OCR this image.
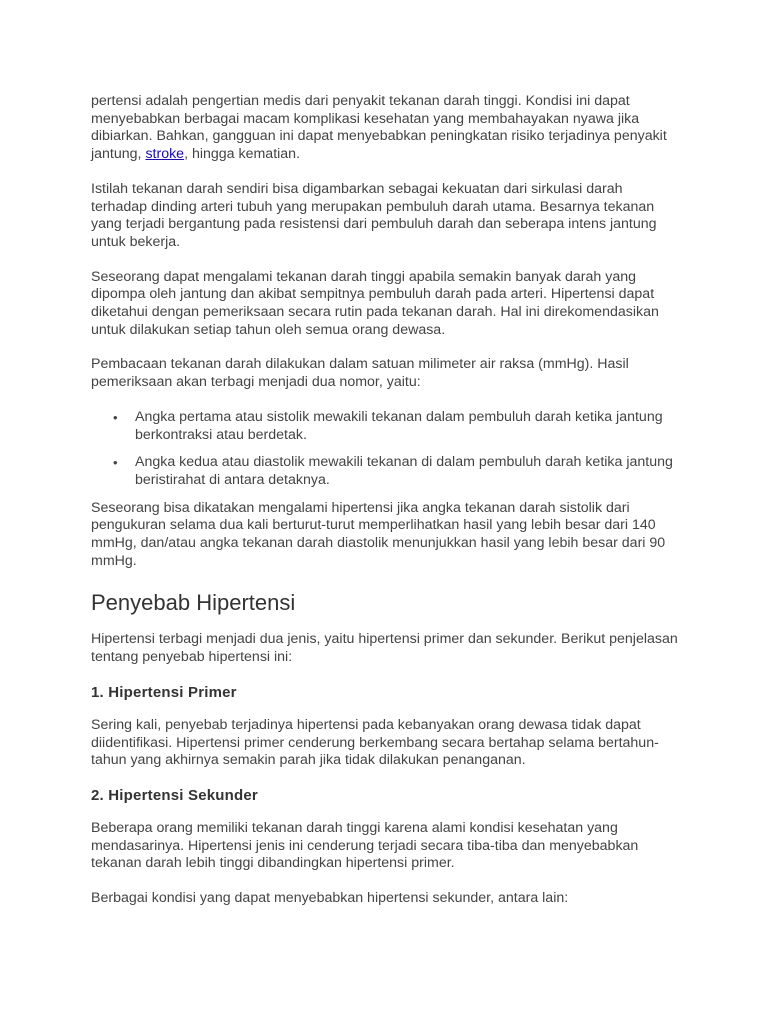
pertensi adalah pengertian medis dari penyakit tekanan darah tinggi. Kondisi ini dapat menyebabkan berbagai macam komplikasi kesehatan yang membahayakan nyawa jika dibiarkan. Bahkan, gangguan ini dapat menyebabkan peningkatan risiko terjadinya penyakit jantung, stroke, hingga kematian.

Istilah tekanan darah sendiri bisa digambarkan sebagai kekuatan dari sirkulasi darah terhadap dinding arteri tubuh yang merupakan pembuluh darah utama. Besarnya tekanan yang terjadi bergantung pada resistensi dari pembuluh darah dan seberapa intens jantung untuk bekerja.

Seseorang dapat mengalami tekanan darah tinggi apabila semakin banyak darah yang dipompa oleh jantung dan akibat sempitnya pembuluh darah pada arteri. Hipertensi dapat diketahui dengan pemeriksaan secara rutin pada tekanan darah. Hal ini direkomendasikan untuk dilakukan setiap tahun oleh semua orang dewasa.

Pembacaan tekanan darah dilakukan dalam satuan milimeter air raksa (mmHg). Hasil pemeriksaan akan terbagi menjadi dua nomor, yaitu:

• Angka pertama atau sistolik mewakili tekanan dalam pembuluh darah ketika jantung berkontraksi atau berdetak.
• Angka kedua atau diastolik mewakili tekanan di dalam pembuluh darah ketika jantung beristirahat di antara detaknya.

Seseorang bisa dikatakan mengalami hipertensi jika angka tekanan darah sistolik dari pengukuran selama dua kali berturut-turut memperlihatkan hasil yang lebih besar dari 140 mmHg, dan/atau angka tekanan darah diastolik menunjukkan hasil yang lebih besar dari 90 mmHg.

Penyebab Hipertensi

Hipertensi terbagi menjadi dua jenis, yaitu hipertensi primer dan sekunder. Berikut penjelasan tentang penyebab hipertensi ini:

1. Hipertensi Primer

Sering kali, penyebab terjadinya hipertensi pada kebanyakan orang dewasa tidak dapat diidentifikasi. Hipertensi primer cenderung berkembang secara bertahap selama bertahun-tahun yang akhirnya semakin parah jika tidak dilakukan penanganan.

2. Hipertensi Sekunder

Beberapa orang memiliki tekanan darah tinggi karena alami kondisi kesehatan yang mendasarinya. Hipertensi jenis ini cenderung terjadi secara tiba-tiba dan menyebabkan tekanan darah lebih tinggi dibandingkan hipertensi primer.

Berbagai kondisi yang dapat menyebabkan hipertensi sekunder, antara lain:
